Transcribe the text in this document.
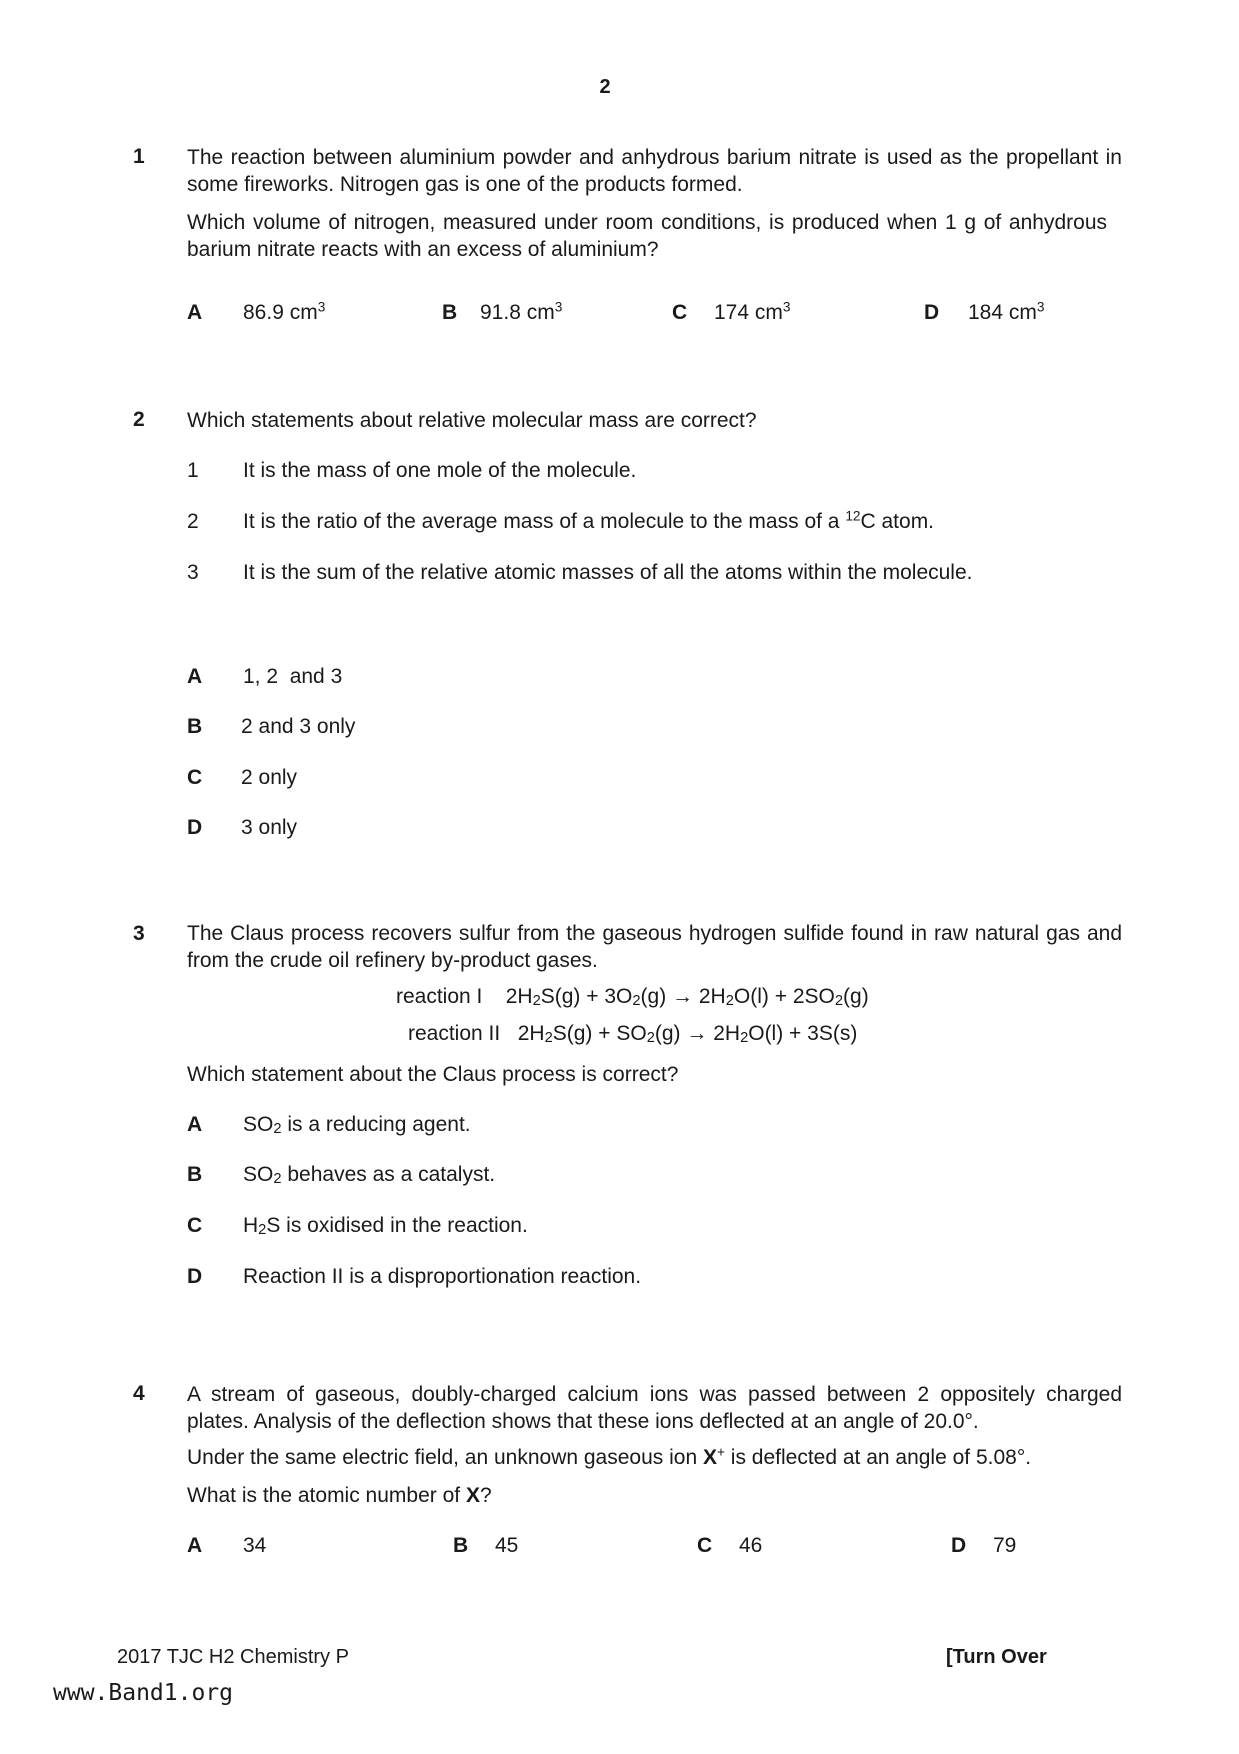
2
1 The reaction between aluminium powder and anhydrous barium nitrate is used as the propellant in some fireworks. Nitrogen gas is one of the products formed.
Which volume of nitrogen, measured under room conditions, is produced when 1 g of anhydrous barium nitrate reacts with an excess of aluminium?
A	86.9 $cm^3$	B	91.8 $cm^3$	C	174 $cm^3$	D	184 $cm^3$
2 Which statements about relative molecular mass are correct?
1 It is the mass of one mole of the molecule.
2 It is the ratio of the average mass of a molecule to the mass of a $^{12}$C atom.
3 It is the sum of the relative atomic masses of all the atoms within the molecule.
A	1, 2  and 3
B	2 and 3 only
C	2 only
D	3 only
3 The Claus process recovers sulfur from the gaseous hydrogen sulfide found in raw natural gas and from the crude oil refinery by-product gases.
reaction I    $2H_2S(g) + 3O_2(g) \to 2H_2O(l) + 2SO_2(g)$
reaction II   $2H_2S(g) + SO_2(g) \to 2H_2O(l) + 3S(s)$
Which statement about the Claus process is correct?
A	$SO_2$ is a reducing agent.
B	$SO_2$ behaves as a catalyst.
C	$H_2S$ is oxidised in the reaction.
D	Reaction II is a disproportionation reaction.
4 A stream of gaseous, doubly-charged calcium ions was passed between 2 oppositely charged plates. Analysis of the deflection shows that these ions deflected at an angle of 20.0°.
Under the same electric field, an unknown gaseous ion X+ is deflected at an angle of 5.08°.
What is the atomic number of X?
A	34	B	45	C	46	D	79
2017 TJC H2 Chemistry P	[Turn Over
www.Band1.org
